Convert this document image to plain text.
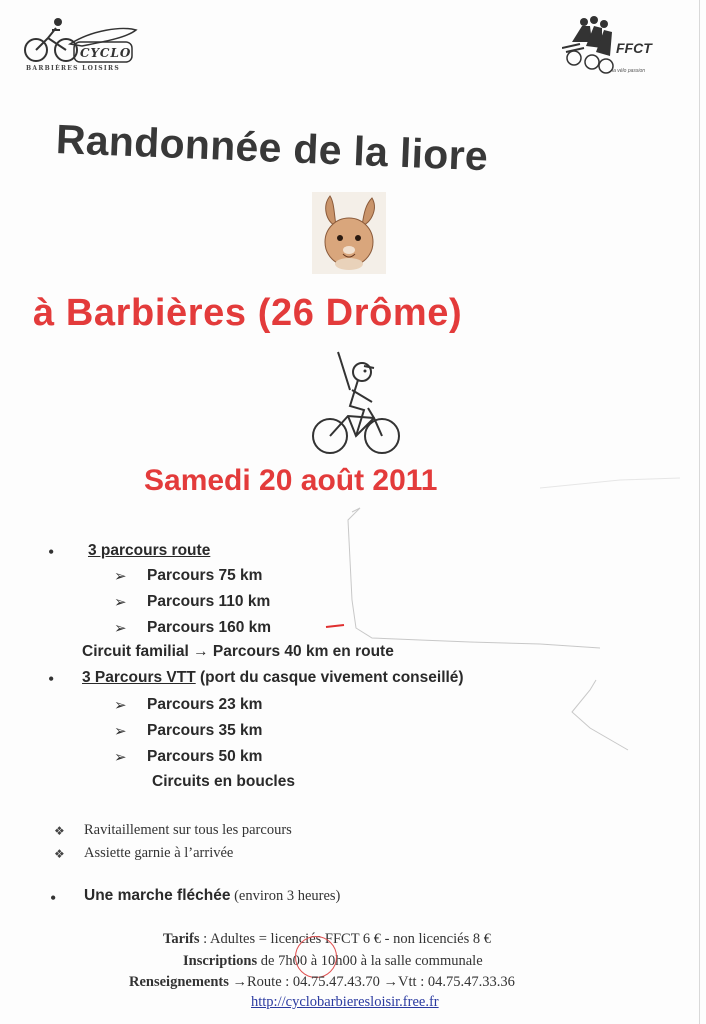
CYCLO
BARBIÈRES LOISIRS
FFCT
la vélo passion
Randonnée de la liore
à Barbières (26 Drôme)
Samedi 20 août 2011
• 3 parcours route
➢ Parcours 75 km
➢ Parcours 110 km
➢ Parcours 160 km
Circuit familial → Parcours 40 km en route
• 3 Parcours VTT (port du casque vivement conseillé)
➢ Parcours 23 km
➢ Parcours 35 km
➢ Parcours 50 km
Circuits en boucles
❖ Ravitaillement sur tous les parcours
❖ Assiette garnie à l’arrivée
• Une marche fléchée (environ 3 heures)
Tarifs : Adultes = licenciés FFCT 6 € - non licenciés 8 €
Inscriptions de 7h00 à 10h00 à la salle communale
Renseignements →Route : 04.75.47.43.70 →Vtt : 04.75.47.33.36
http://cyclobarbieresloisir.free.fr
